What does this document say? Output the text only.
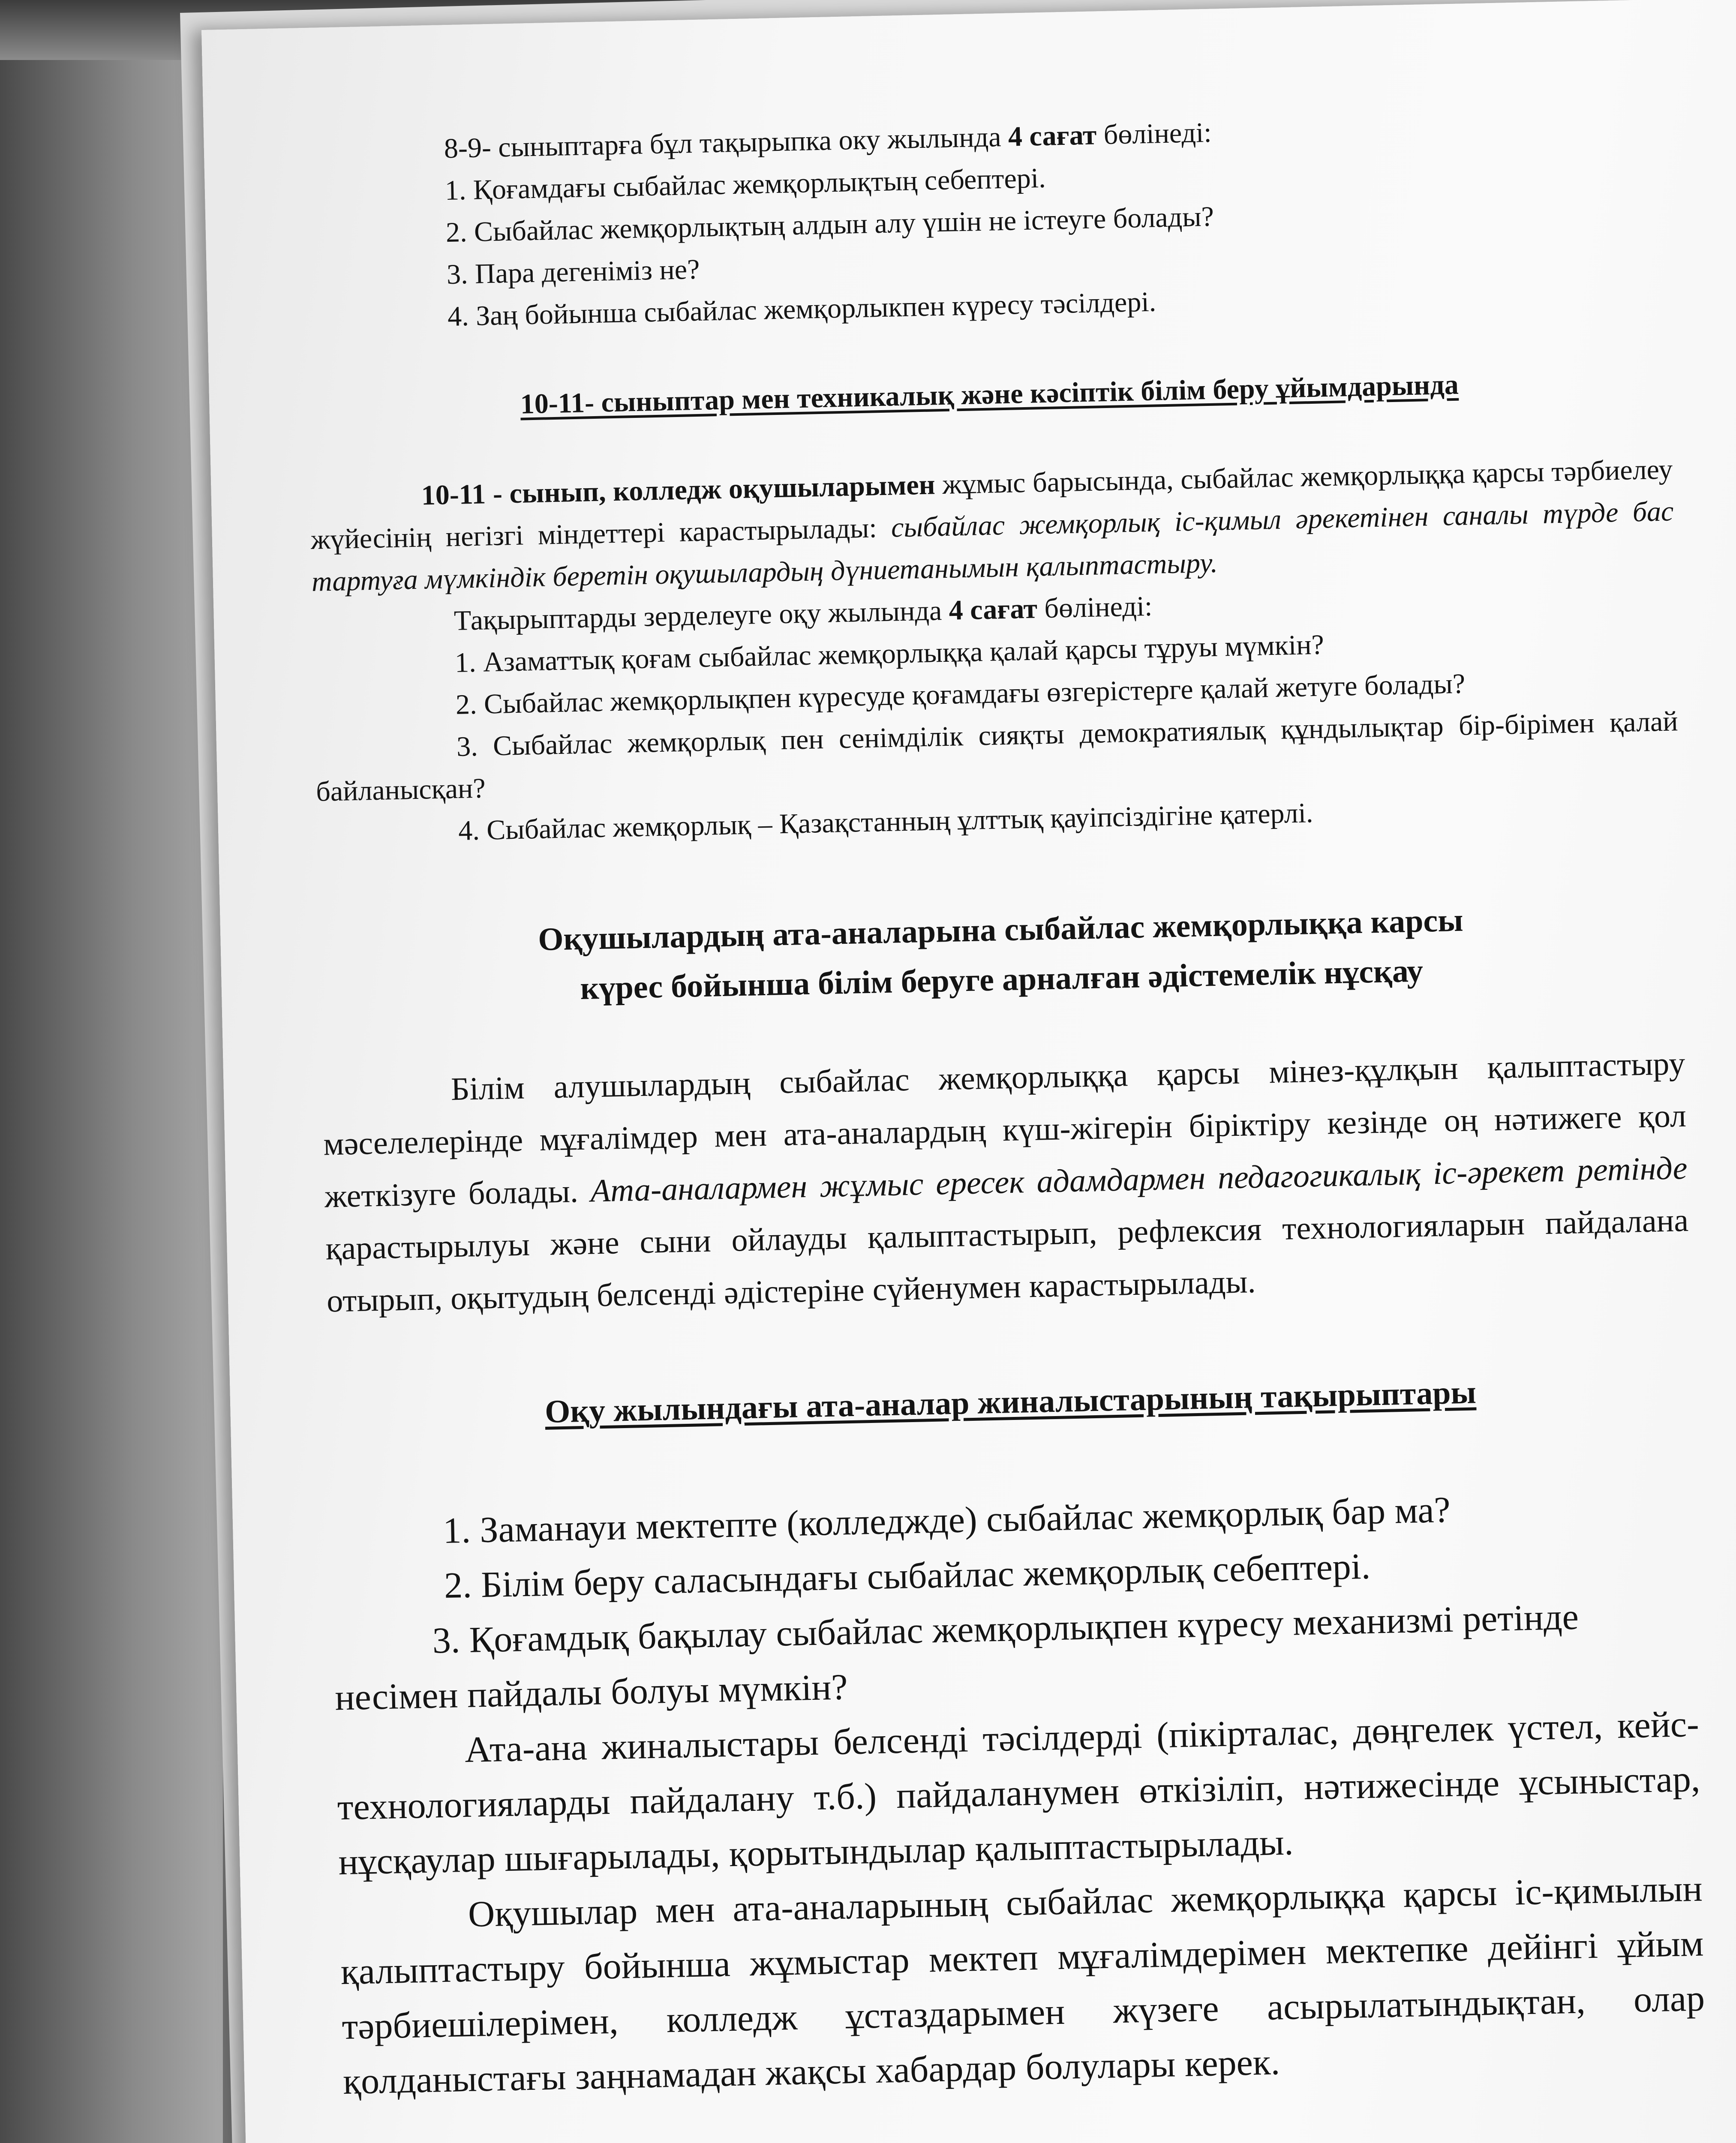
8-9- сыныптарға бұл тақырыпка оку жылында 4 сағат бөлінеді:

1. Қоғамдағы сыбайлас жемқорлықтың себептері.

2. Сыбайлас жемқорлықтың алдын алу үшін не істеуге болады?

3. Пара дегеніміз не?

4. Заң бойынша сыбайлас жемқорлыкпен күресу тәсілдері.

10-11- сыныптар мен техникалық және кәсіптік білім беру ұйымдарында

10-11 - сынып, колледж оқушыларымен жұмыс барысында, сыбайлас жемқорлыққа қарсы тәрбиелеу жүйесінің негізгі міндеттері карастырылады: сыбайлас жемқорлық іс-қимыл әрекетінен саналы түрде бас тартуға мүмкіндік беретін оқушылардың дүниетанымын қалыптастыру.

Тақырыптарды зерделеуге оқу жылында 4 сағат бөлінеді:

1. Азаматтық қоғам сыбайлас жемқорлыққа қалай қарсы тұруы мүмкін?

2. Сыбайлас жемқорлықпен күресуде қоғамдағы өзгерістерге қалай жетуге болады?

3. Сыбайлас жемқорлық пен сенімділік сияқты демократиялық құндылықтар бір-бірімен қалай байланысқан?

4. Сыбайлас жемқорлық – Қазақстанның ұлттық қауіпсіздігіне қатерлі.

Оқушылардың ата-аналарына сыбайлас жемқорлыққа карсы

күрес бойынша білім беруге арналған әдістемелік нұсқау

Білім алушылардың сыбайлас жемқорлыққа қарсы мінез-құлқын қалыптастыру мәселелерінде мұғалімдер мен ата-аналардың күш-жігерін біріктіру кезінде оң нәтижеге қол жеткізуге болады. Ата-аналармен жұмыс ересек адамдармен педагогикалық іс-әрекет ретінде қарастырылуы және сыни ойлауды қалыптастырып, рефлексия технологияларын пайдалана отырып, оқытудың белсенді әдістеріне сүйенумен карастырылады.

Оқу жылындағы ата-аналар жиналыстарының тақырыптары

1. Заманауи мектепте (колледжде) сыбайлас жемқорлық бар ма?

2. Білім беру саласындағы сыбайлас жемқорлық себептері.

3. Қоғамдық бақылау сыбайлас жемқорлықпен күресу механизмі ретінде несімен пайдалы болуы мүмкін?

Ата-ана жиналыстары белсенді тәсілдерді (пікірталас, дөңгелек үстел, кейс-технологияларды пайдалану т.б.) пайдаланумен өткізіліп, нәтижесінде ұсыныстар, нұсқаулар шығарылады, қорытындылар қалыптастырылады.

Оқушылар мен ата-аналарының сыбайлас жемқорлыққа қарсы іс-қимылын қалыптастыру бойынша жұмыстар мектеп мұғалімдерімен мектепке дейінгі ұйым тәрбиешілерімен, колледж ұстаздарымен жүзеге асырылатындықтан, олар қолданыстағы заңнамадан жақсы хабардар болулары керек.
